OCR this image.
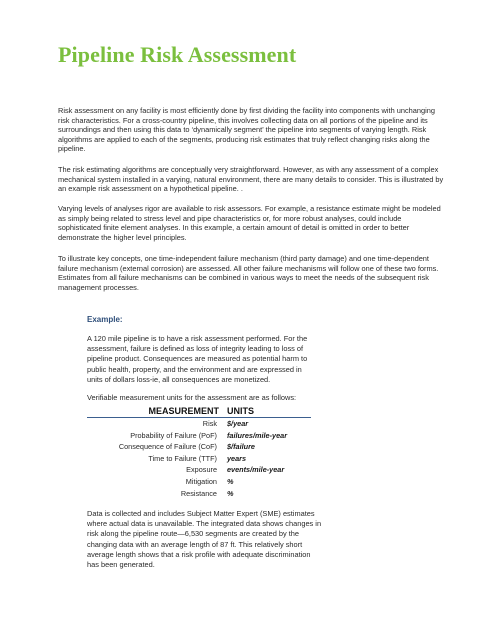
Pipeline Risk Assessment

Risk assessment on any facility is most efficiently done by first dividing the facility into components with unchanging risk characteristics. For a cross-country pipeline, this involves collecting data on all portions of the pipeline and its surroundings and then using this data to ‘dynamically segment’ the pipeline into segments of varying length. Risk algorithms are applied to each of the segments, producing risk estimates that truly reflect changing risks along the pipeline.

The risk estimating algorithms are conceptually very straightforward. However, as with any assessment of a complex mechanical system installed in a varying, natural environment, there are many details to consider. This is illustrated by an example risk assessment on a hypothetical pipeline. .

Varying levels of analyses rigor are available to risk assessors. For example, a resistance estimate might be modeled as simply being related to stress level and pipe characteristics or, for more robust analyses, could include sophisticated finite element analyses. In this example, a certain amount of detail is omitted in order to better demonstrate the higher level principles.

To illustrate key concepts, one time-independent failure mechanism (third party damage) and one time-dependent failure mechanism (external corrosion) are assessed. All other failure mechanisms will follow one of these two forms. Estimates from all failure mechanisms can be combined in various ways to meet the needs of the subsequent risk management processes.

Example:

A 120 mile pipeline is to have a risk assessment performed. For the assessment, failure is defined as loss of integrity leading to loss of pipeline product. Consequences are measured as potential harm to public health, property, and the environment and are expressed in units of dollars loss-ie, all consequences are monetized.

Verifiable measurement units for the assessment are as follows:

MEASUREMENT	UNITS
Risk	$/year
Probability of Failure (PoF)	failures/mile-year
Consequence of Failure (CoF)	$/failure
Time to Failure (TTF)	years
Exposure	events/mile-year
Mitigation	%
Resistance	%

Data is collected and includes Subject Matter Expert (SME) estimates where actual data is unavailable. The integrated data shows changes in risk along the pipeline route—6,530 segments are created by the changing data with an average length of 87 ft. This relatively short average length shows that a risk profile with adequate discrimination has been generated.
